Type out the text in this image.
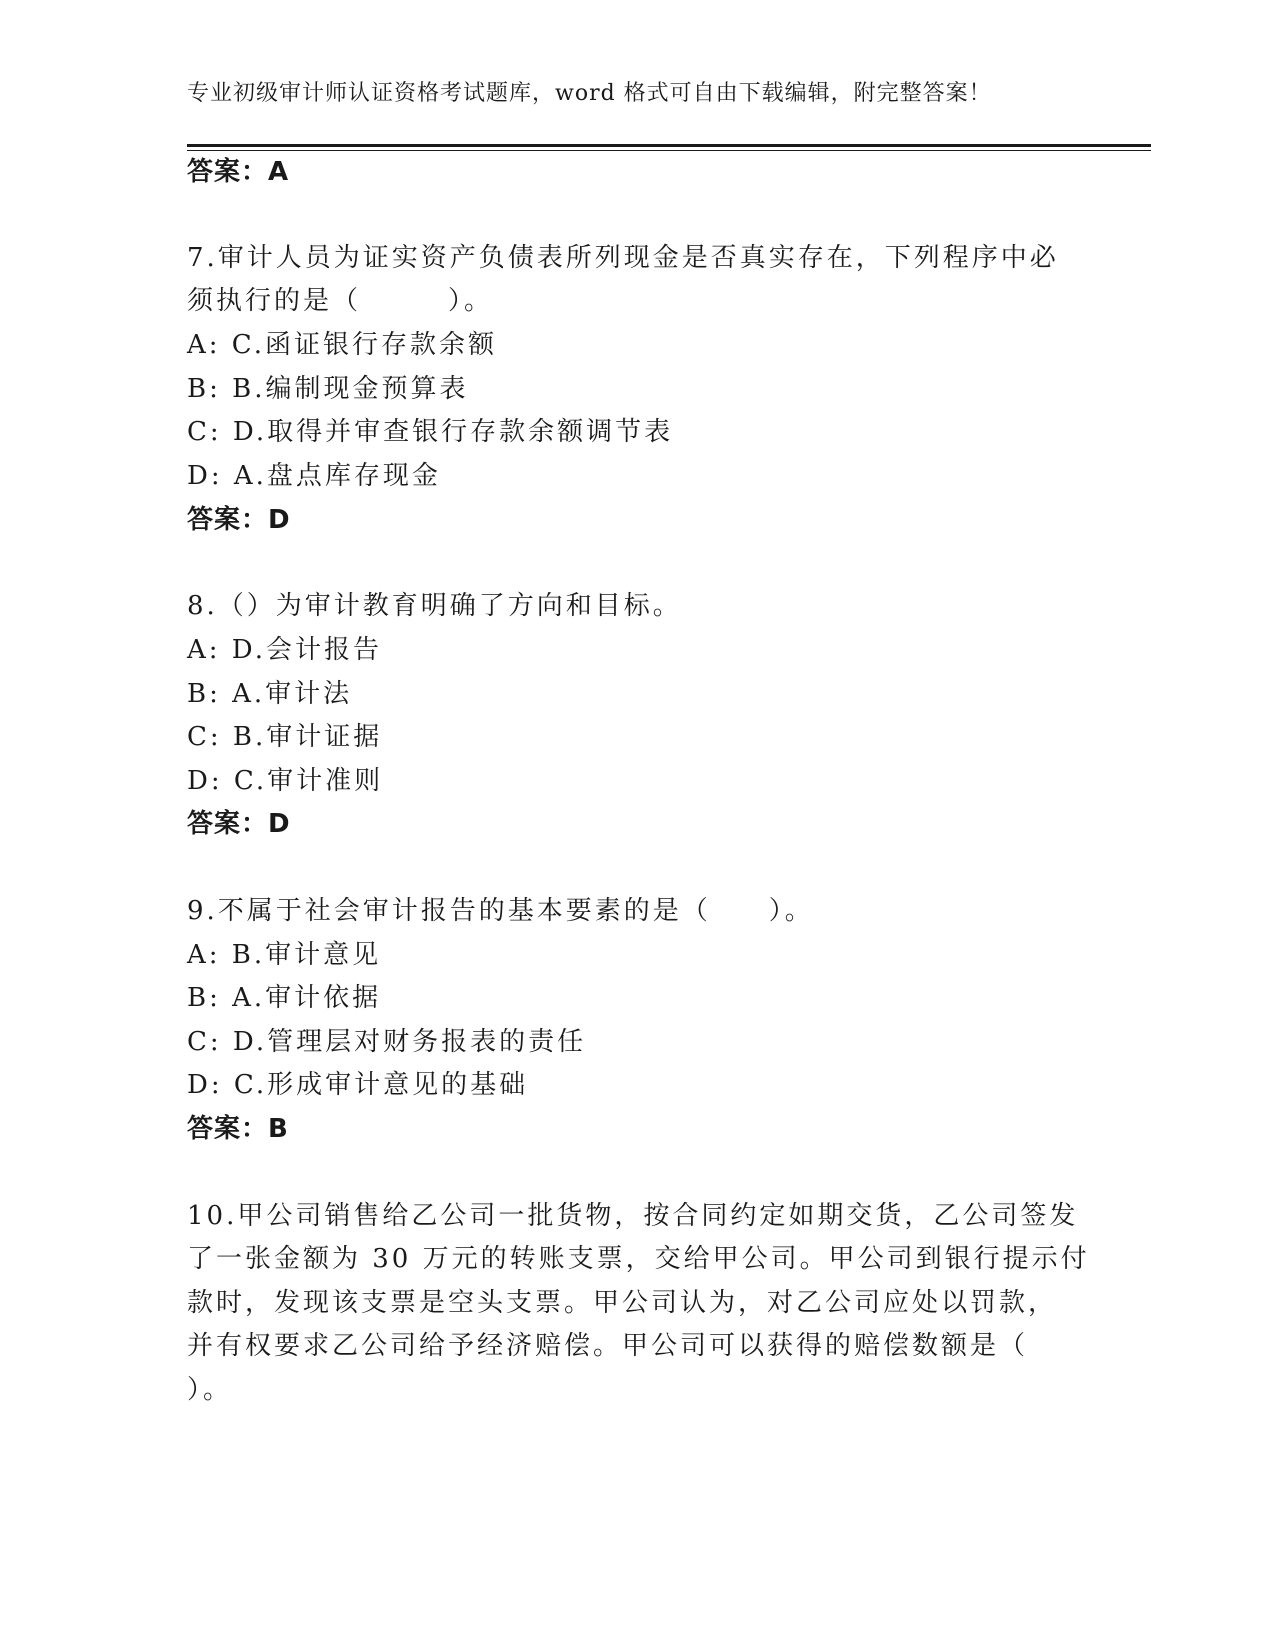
专业初级审计师认证资格考试题库，word 格式可自由下载编辑，附完整答案！
答案：A
7.审计人员为证实资产负债表所列现金是否真实存在，下列程序中必
须执行的是（　　　）。
A: C.函证银行存款余额
B: B.编制现金预算表
C: D.取得并审查银行存款余额调节表
D: A.盘点库存现金
答案：D
8.（）为审计教育明确了方向和目标。
A: D.会计报告
B: A.审计法
C: B.审计证据
D: C.审计准则
答案：D
9.不属于社会审计报告的基本要素的是（　　）。
A: B.审计意见
B: A.审计依据
C: D.管理层对财务报表的责任
D: C.形成审计意见的基础
答案：B
10.甲公司销售给乙公司一批货物，按合同约定如期交货，乙公司签发
了一张金额为 30 万元的转账支票，交给甲公司。甲公司到银行提示付
款时，发现该支票是空头支票。甲公司认为，对乙公司应处以罚款，
并有权要求乙公司给予经济赔偿。甲公司可以获得的赔偿数额是（
）。
